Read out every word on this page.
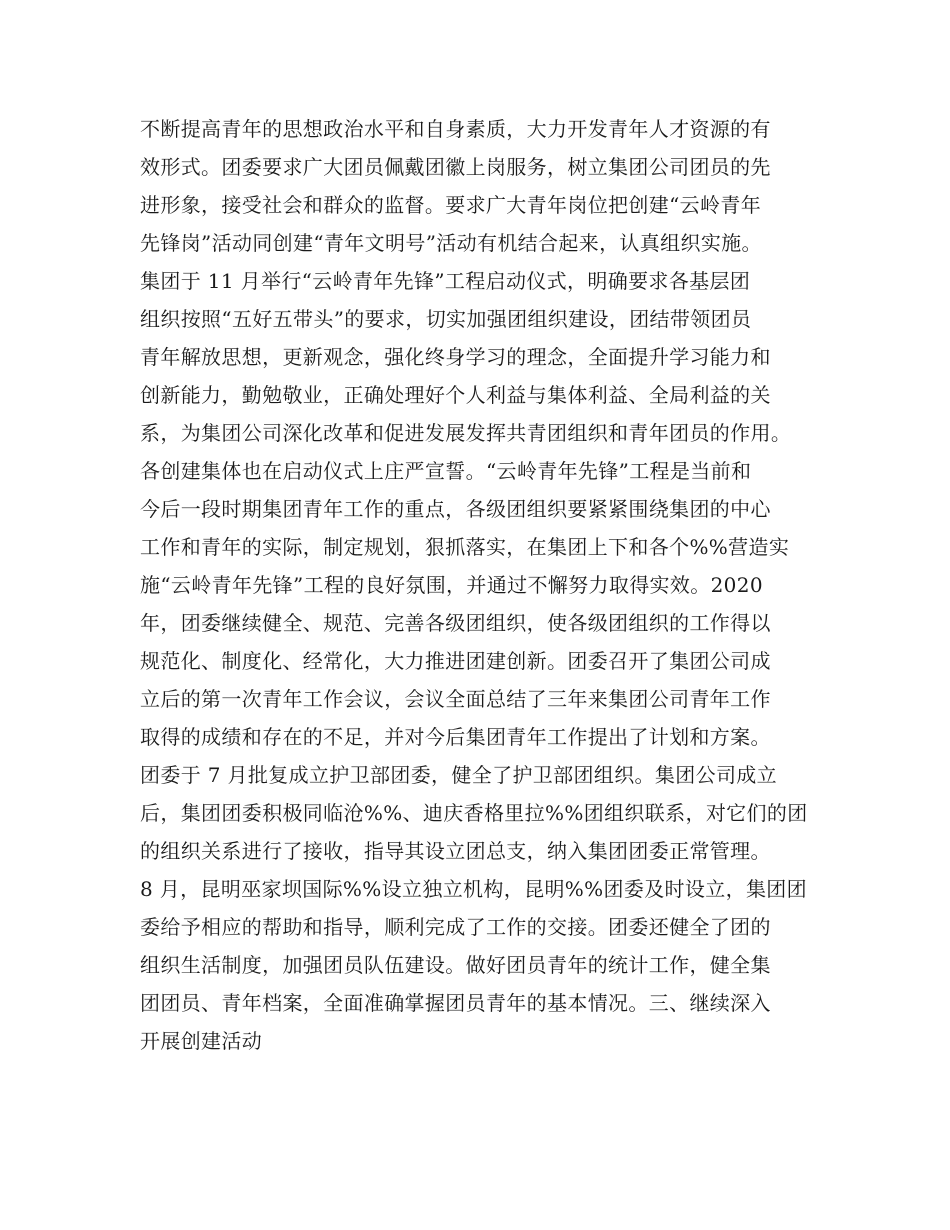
不断提高青年的思想政治水平和自身素质，大力开发青年人才资源的有
效形式。团委要求广大团员佩戴团徽上岗服务，树立集团公司团员的先
进形象，接受社会和群众的监督。要求广大青年岗位把创建“云岭青年
先锋岗”活动同创建“青年文明号”活动有机结合起来，认真组织实施。
集团于 11 月举行“云岭青年先锋”工程启动仪式，明确要求各基层团
组织按照“五好五带头”的要求，切实加强团组织建设，团结带领团员
青年解放思想，更新观念，强化终身学习的理念，全面提升学习能力和
创新能力，勤勉敬业，正确处理好个人利益与集体利益、全局利益的关
系，为集团公司深化改革和促进发展发挥共青团组织和青年团员的作用。
各创建集体也在启动仪式上庄严宣誓。“云岭青年先锋”工程是当前和
今后一段时期集团青年工作的重点，各级团组织要紧紧围绕集团的中心
工作和青年的实际，制定规划，狠抓落实，在集团上下和各个%%营造实
施“云岭青年先锋”工程的良好氛围，并通过不懈努力取得实效。2020
年，团委继续健全、规范、完善各级团组织，使各级团组织的工作得以
规范化、制度化、经常化，大力推进团建创新。团委召开了集团公司成
立后的第一次青年工作会议，会议全面总结了三年来集团公司青年工作
取得的成绩和存在的不足，并对今后集团青年工作提出了计划和方案。
团委于 7 月批复成立护卫部团委，健全了护卫部团组织。集团公司成立
后，集团团委积极同临沧%%、迪庆香格里拉%%团组织联系，对它们的团
的组织关系进行了接收，指导其设立团总支，纳入集团团委正常管理。
8 月，昆明巫家坝国际%%设立独立机构，昆明%%团委及时设立，集团团
委给予相应的帮助和指导，顺利完成了工作的交接。团委还健全了团的
组织生活制度，加强团员队伍建设。做好团员青年的统计工作，健全集
团团员、青年档案，全面准确掌握团员青年的基本情况。三、继续深入
开展创建活动
